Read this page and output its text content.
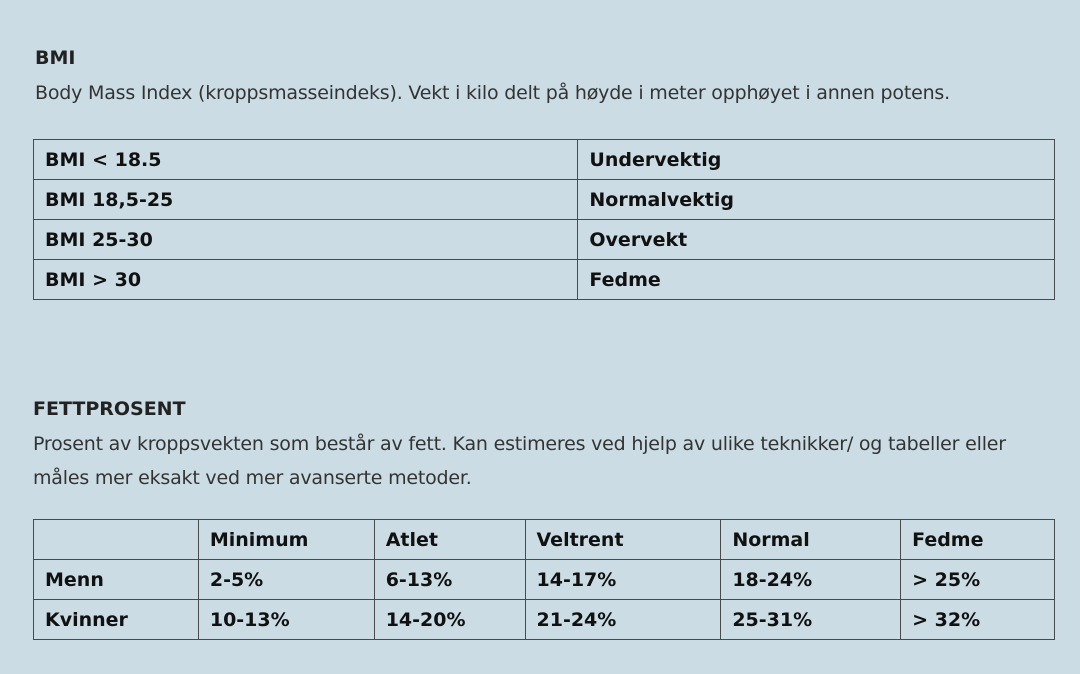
BMI

Body Mass Index (kroppsmasseindeks). Vekt i kilo delt på høyde i meter opphøyet i annen potens.

BMI < 18.5	Undervektig
BMI 18,5-25	Normalvektig
BMI 25-30	Overvekt
BMI > 30	Fedme
FETTPROSENT

Prosent av kroppsvekten som består av fett. Kan estimeres ved hjelp av ulike teknikker/ og tabeller eller
måles mer eksakt ved mer avanserte metoder.

	Minimum	Atlet	Veltrent	Normal	Fedme
Menn	2-5%	6-13%	14-17%	18-24%	> 25%
Kvinner	10-13%	14-20%	21-24%	25-31%	> 32%
